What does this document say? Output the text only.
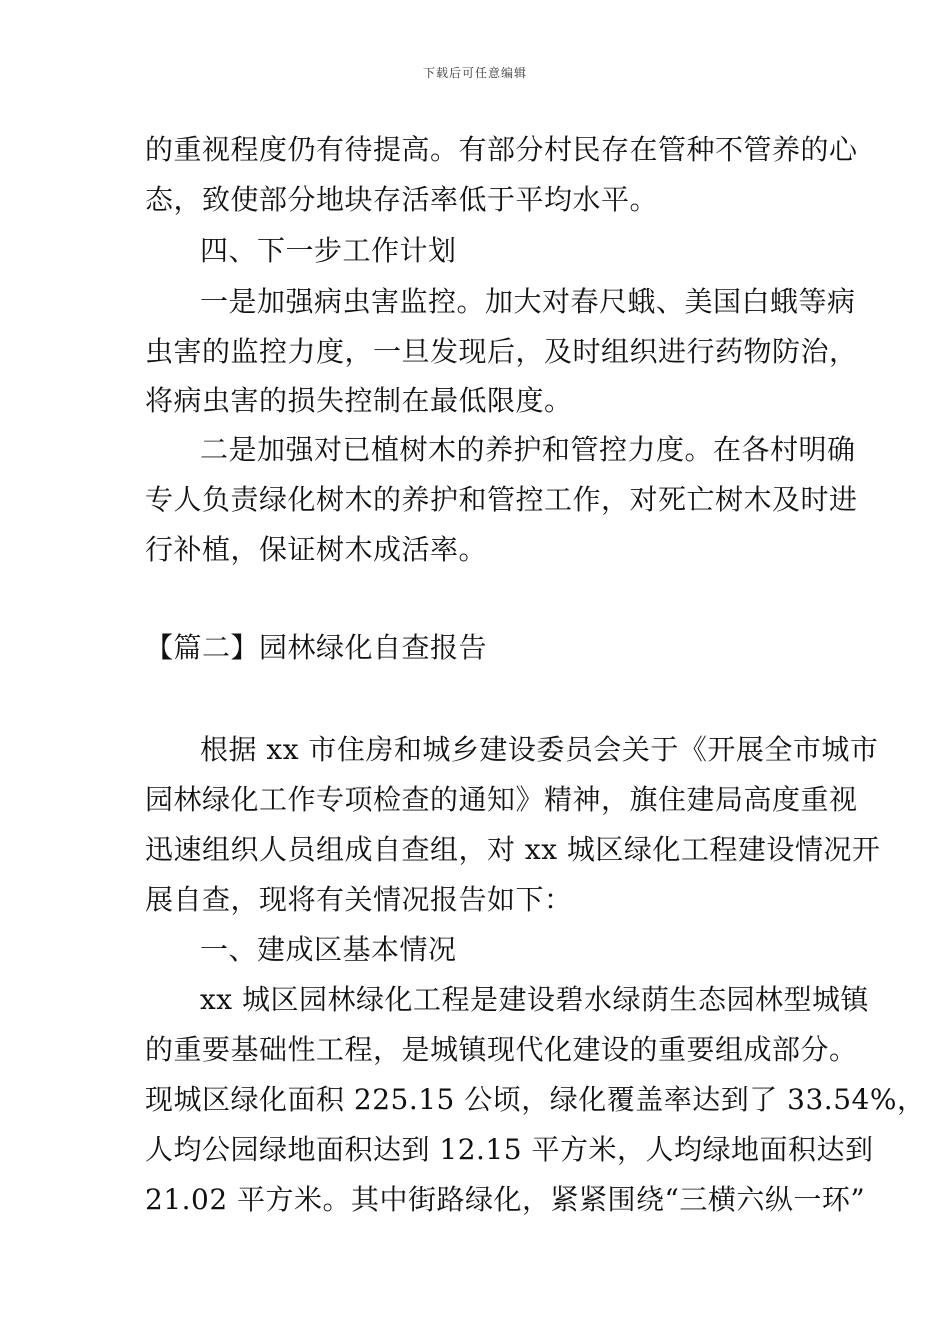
下载后可任意编辑
的重视程度仍有待提高。有部分村民存在管种不管养的心
态，致使部分地块存活率低于平均水平。
四、下一步工作计划
一是加强病虫害监控。加大对春尺蛾、美国白蛾等病
虫害的监控力度，一旦发现后，及时组织进行药物防治，
将病虫害的损失控制在最低限度。
二是加强对已植树木的养护和管控力度。在各村明确
专人负责绿化树木的养护和管控工作，对死亡树木及时进
行补植，保证树木成活率。
【篇二】园林绿化自查报告
根据 xx 市住房和城乡建设委员会关于《开展全市城市
园林绿化工作专项检查的通知》精神，旗住建局高度重视
迅速组织人员组成自查组，对 xx 城区绿化工程建设情况开
展自查，现将有关情况报告如下：
一、建成区基本情况
xx 城区园林绿化工程是建设碧水绿荫生态园林型城镇
的重要基础性工程，是城镇现代化建设的重要组成部分。
现城区绿化面积 225.15 公顷，绿化覆盖率达到了 33.54%，
人均公园绿地面积达到 12.15 平方米，人均绿地面积达到
21.02 平方米。其中街路绿化，紧紧围绕“三横六纵一环”
